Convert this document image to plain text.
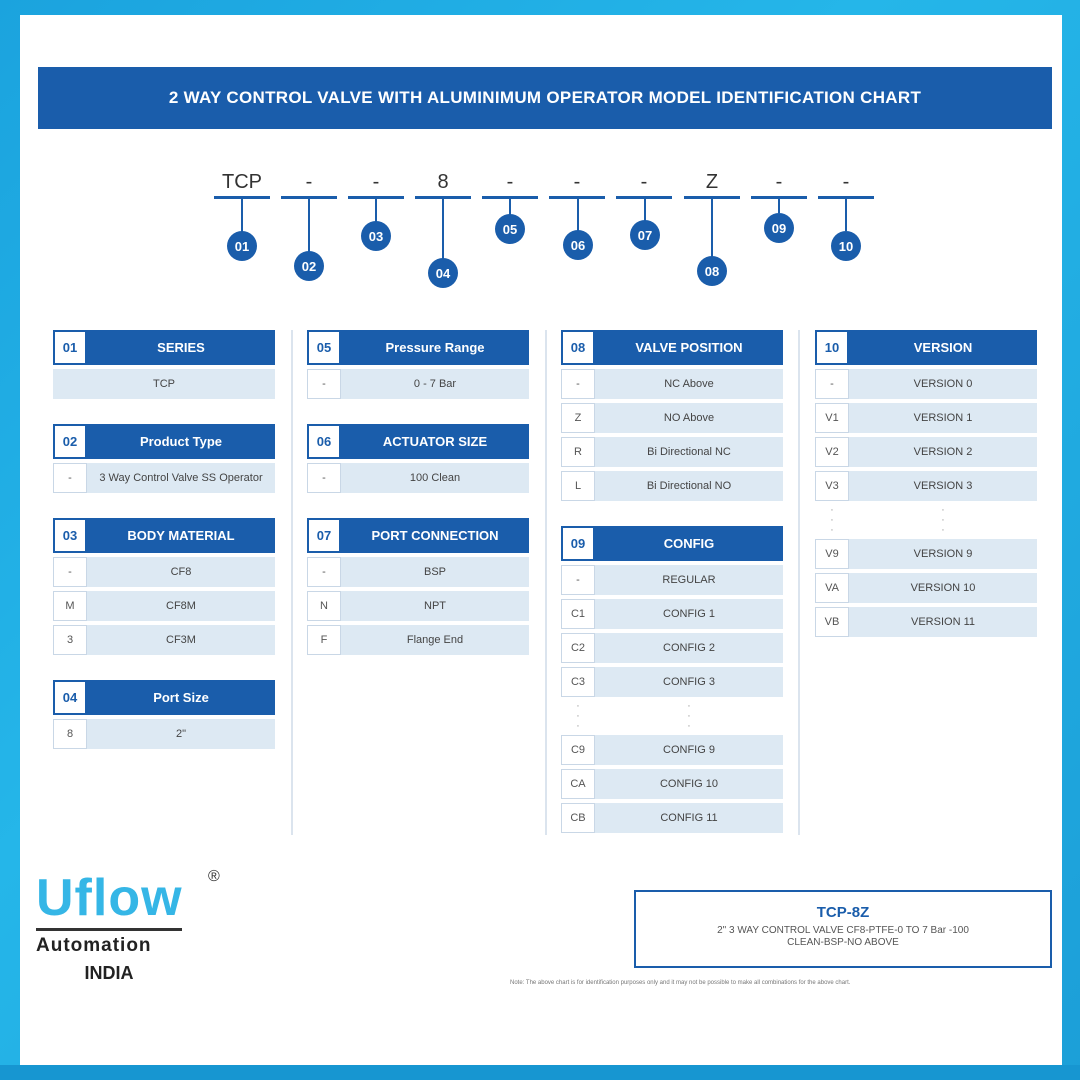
2 WAY CONTROL VALVE WITH ALUMINIMUM OPERATOR MODEL IDENTIFICATION CHART
TCP	-	-	8	-	-	-	Z	-	-
01
02
03
04
05
06
07
08
09
10
01	SERIES
TCP
02	Product Type
-	3 Way Control Valve SS Operator
03	BODY MATERIAL
-	CF8
M	CF8M
3	CF3M
04	Port Size
8	2"
05	Pressure Range
-	0 - 7 Bar
06	ACTUATOR SIZE
-	100 Clean
07	PORT CONNECTION
-	BSP
N	NPT
F	Flange End
08	VALVE POSITION
-	NC Above
Z	NO Above
R	Bi Directional NC
L	Bi Directional NO
09	CONFIG
-	REGULAR
C1	CONFIG 1
C2	CONFIG 2
C3	CONFIG 3
·
·
·
·
·
·
C9	CONFIG 9
CA	CONFIG 10
CB	CONFIG 11
10	VERSION
-	VERSION 0
V1	VERSION 1
V2	VERSION 2
V3	VERSION 3
·
·
·
·
·
·
V9	VERSION 9
VA	VERSION 10
VB	VERSION 11
Uflow	®
Automation
INDIA
TCP-8Z
2" 3 WAY CONTROL VALVE CF8-PTFE-0 TO 7 Bar -100 CLEAN-BSP-NO ABOVE
Note: The above chart is for identification purposes only and it may not be possible to make all combinations for the above chart.
